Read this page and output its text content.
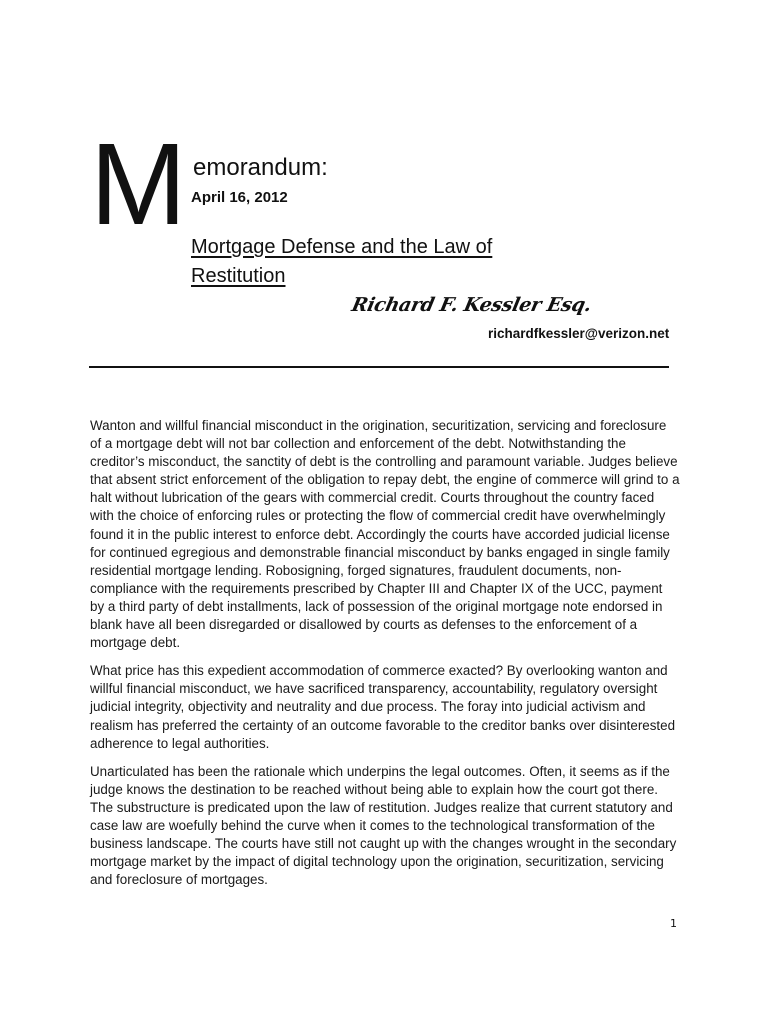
M emorandum:
April 16, 2012
Mortgage Defense and the Law of Restitution
Richard F. Kessler Esq.
richardfkessler@verizon.net

Wanton and willful financial misconduct in the origination, securitization, servicing and foreclosure of a mortgage debt will not bar collection and enforcement of the debt. Notwithstanding the creditor’s misconduct, the sanctity of debt is the controlling and paramount variable. Judges believe that absent strict enforcement of the obligation to repay debt, the engine of commerce will grind to a halt without lubrication of the gears with commercial credit. Courts throughout the country faced with the choice of enforcing rules or protecting the flow of commercial credit have overwhelmingly found it in the public interest to enforce debt. Accordingly the courts have accorded judicial license for continued egregious and demonstrable financial misconduct by banks engaged in single family residential mortgage lending. Robosigning, forged signatures, fraudulent documents, non-compliance with the requirements prescribed by Chapter III and Chapter IX of the UCC, payment by a third party of debt installments, lack of possession of the original mortgage note endorsed in blank have all been disregarded or disallowed by courts as defenses to the enforcement of a mortgage debt.

What price has this expedient accommodation of commerce exacted? By overlooking wanton and willful financial misconduct, we have sacrificed transparency, accountability, regulatory oversight judicial integrity, objectivity and neutrality and due process. The foray into judicial activism and realism has preferred the certainty of an outcome favorable to the creditor banks over disinterested adherence to legal authorities.

Unarticulated has been the rationale which underpins the legal outcomes. Often, it seems as if the judge knows the destination to be reached without being able to explain how the court got there. The substructure is predicated upon the law of restitution. Judges realize that current statutory and case law are woefully behind the curve when it comes to the technological transformation of the business landscape. The courts have still not caught up with the changes wrought in the secondary mortgage market by the impact of digital technology upon the origination, securitization, servicing and foreclosure of mortgages.

1
